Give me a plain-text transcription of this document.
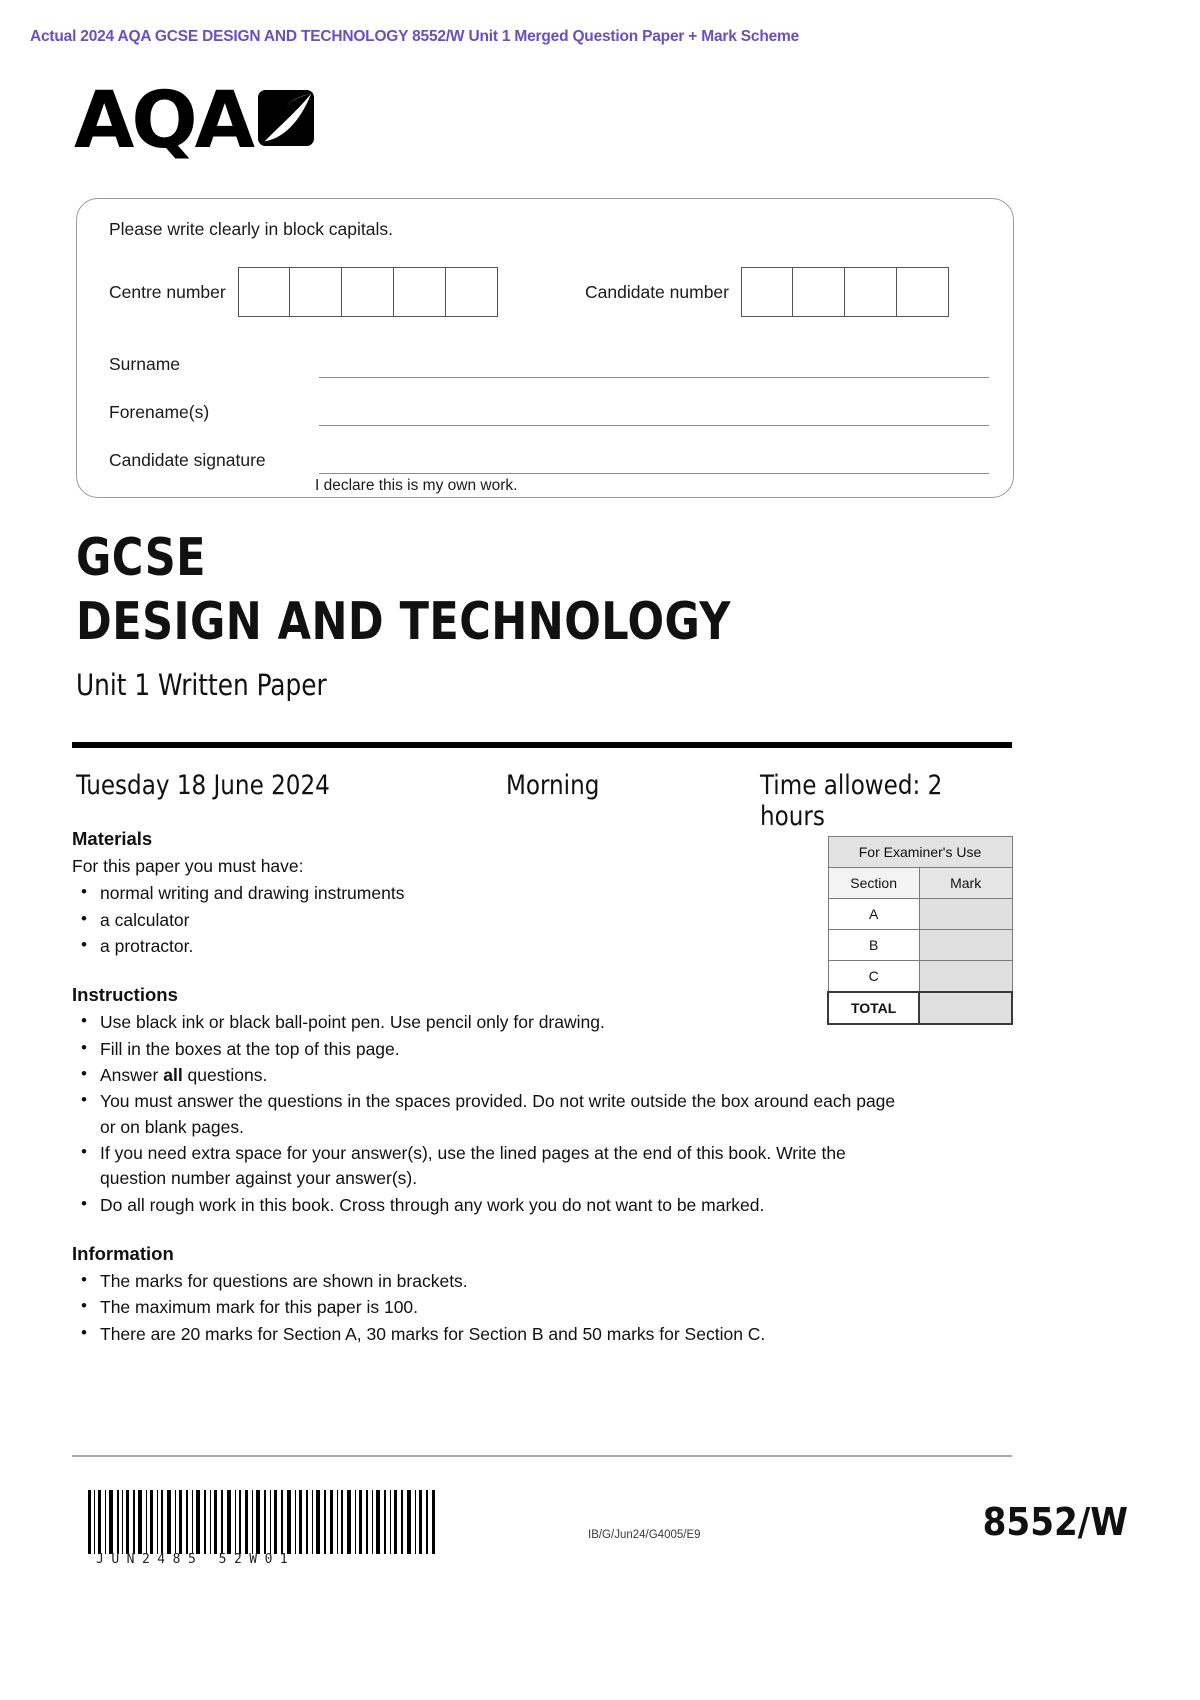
Actual 2024 AQA GCSE DESIGN AND TECHNOLOGY 8552/W Unit 1 Merged Question Paper + Mark Scheme
AQA
Please write clearly in block capitals.
Centre number	Candidate number
Surname
Forename(s)
Candidate signature
I declare this is my own work.
GCSE
DESIGN AND TECHNOLOGY
Unit 1 Written Paper
Tuesday 18 June 2024	Morning	Time allowed: 2 hours
Materials
For this paper you must have:
• normal writing and drawing instruments
• a calculator
• a protractor.
Instructions
• Use black ink or black ball-point pen. Use pencil only for drawing.
• Fill in the boxes at the top of this page.
• Answer all questions.
• You must answer the questions in the spaces provided. Do not write outside the box around each page or on blank pages.
• If you need extra space for your answer(s), use the lined pages at the end of this book. Write the question number against your answer(s).
• Do all rough work in this book. Cross through any work you do not want to be marked.
Information
• The marks for questions are shown in brackets.
• The maximum mark for this paper is 100.
• There are 20 marks for Section A, 30 marks for Section B and 50 marks for Section C.
For Examiner's Use	
Section	Mark
A	
B	
C	
TOTAL	
JUN2485 52W01
IB/G/Jun24/G4005/E9	8552/W
